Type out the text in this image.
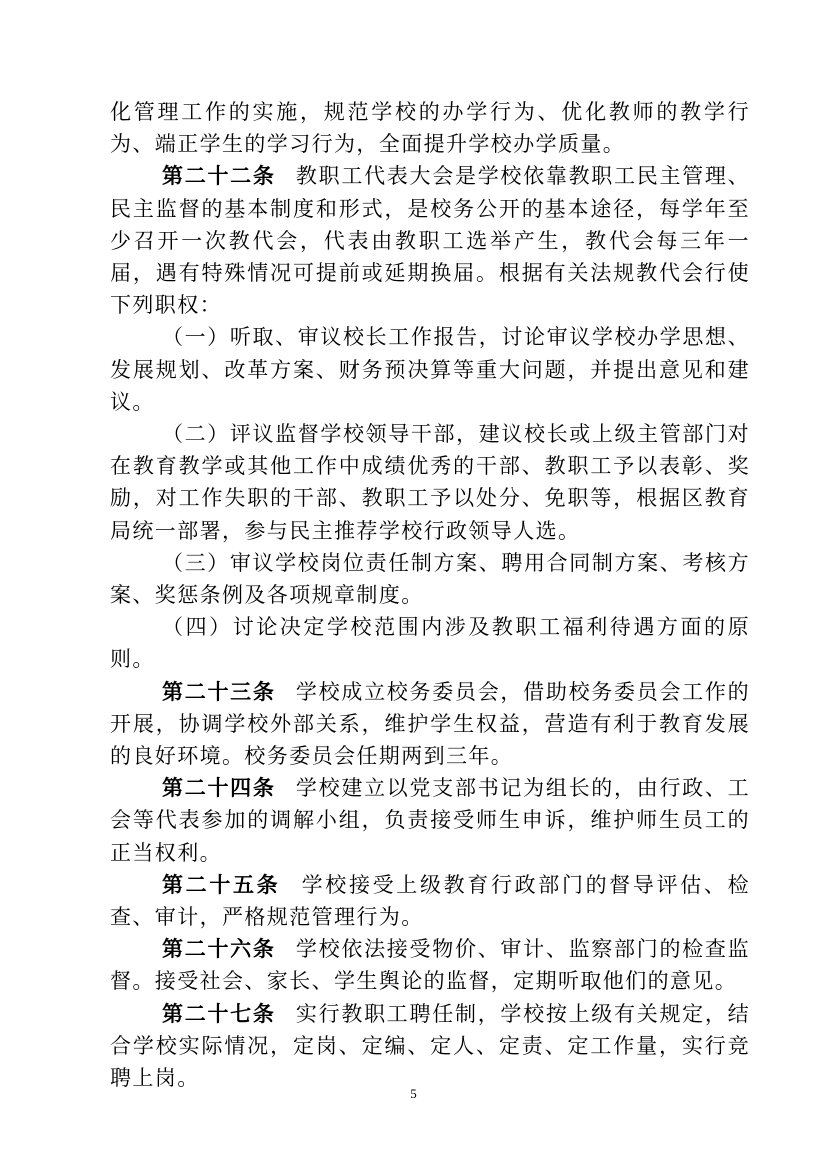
化管理工作的实施，规范学校的办学行为、优化教师的教学行为、端正学生的学习行为，全面提升学校办学质量。

第二十二条 教职工代表大会是学校依靠教职工民主管理、民主监督的基本制度和形式，是校务公开的基本途径，每学年至少召开一次教代会，代表由教职工选举产生，教代会每三年一届，遇有特殊情况可提前或延期换届。根据有关法规教代会行使下列职权：

（一）听取、审议校长工作报告，讨论审议学校办学思想、发展规划、改革方案、财务预决算等重大问题，并提出意见和建议。

（二）评议监督学校领导干部，建议校长或上级主管部门对在教育教学或其他工作中成绩优秀的干部、教职工予以表彰、奖励，对工作失职的干部、教职工予以处分、免职等，根据区教育局统一部署，参与民主推荐学校行政领导人选。

（三）审议学校岗位责任制方案、聘用合同制方案、考核方案、奖惩条例及各项规章制度。

（四）讨论决定学校范围内涉及教职工福利待遇方面的原则。

第二十三条 学校成立校务委员会，借助校务委员会工作的开展，协调学校外部关系，维护学生权益，营造有利于教育发展的良好环境。校务委员会任期两到三年。

第二十四条 学校建立以党支部书记为组长的，由行政、工会等代表参加的调解小组，负责接受师生申诉，维护师生员工的正当权利。

第二十五条 学校接受上级教育行政部门的督导评估、检查、审计，严格规范管理行为。

第二十六条 学校依法接受物价、审计、监察部门的检查监督。接受社会、家长、学生舆论的监督，定期听取他们的意见。

第二十七条 实行教职工聘任制，学校按上级有关规定，结合学校实际情况，定岗、定编、定人、定责、定工作量，实行竞聘上岗。

5
